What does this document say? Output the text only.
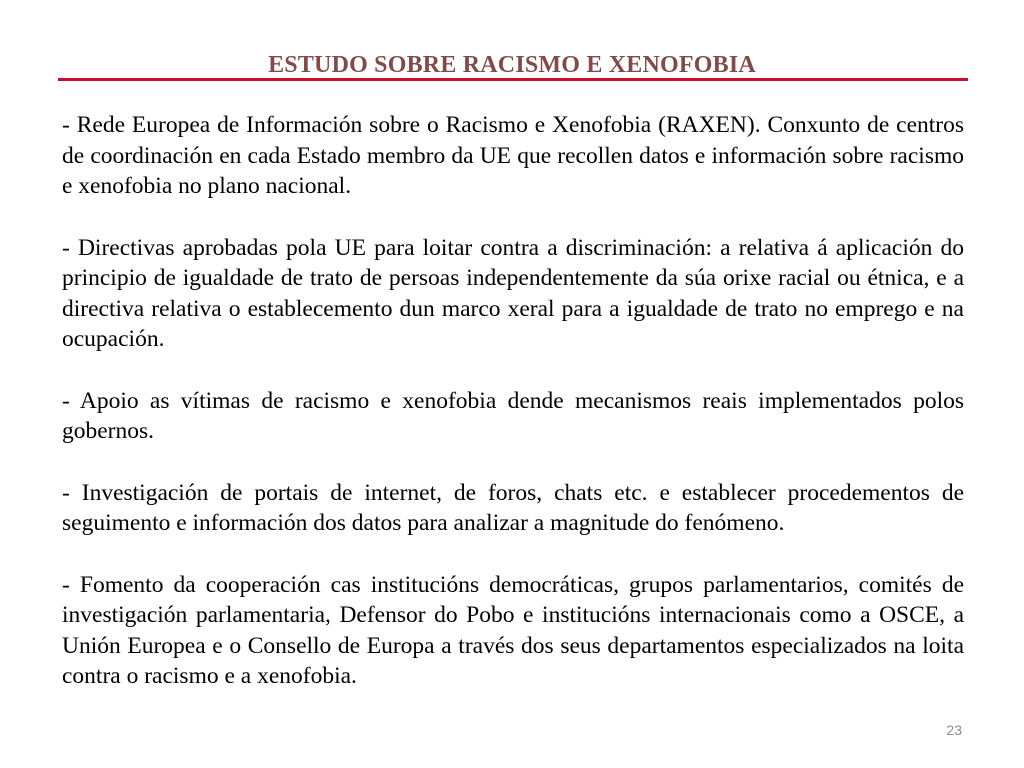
ESTUDO SOBRE RACISMO E XENOFOBIA

- Rede Europea de Información sobre o Racismo e Xenofobia (RAXEN). Conxunto de centros de coordinación en cada Estado membro da UE que recollen datos e información sobre racismo e xenofobia no plano nacional.

- Directivas aprobadas pola UE para loitar contra a discriminación: a relativa á aplicación do principio de igualdade de trato de persoas independentemente da súa orixe racial ou étnica, e a directiva relativa o establecemento dun marco xeral para a igualdade de trato no emprego e na ocupación.

- Apoio as vítimas de racismo e xenofobia dende mecanismos reais implementados polos gobernos.

- Investigación de portais de internet, de foros, chats etc. e establecer procedementos de seguimento e información dos datos para analizar a magnitude do fenómeno.

- Fomento da cooperación cas institucións democráticas, grupos parlamentarios, comités de investigación parlamentaria, Defensor do Pobo e institucións internacionais como a OSCE, a Unión Europea e o Consello de Europa a través dos seus departamentos especializados na loita contra o racismo e a xenofobia.

23
